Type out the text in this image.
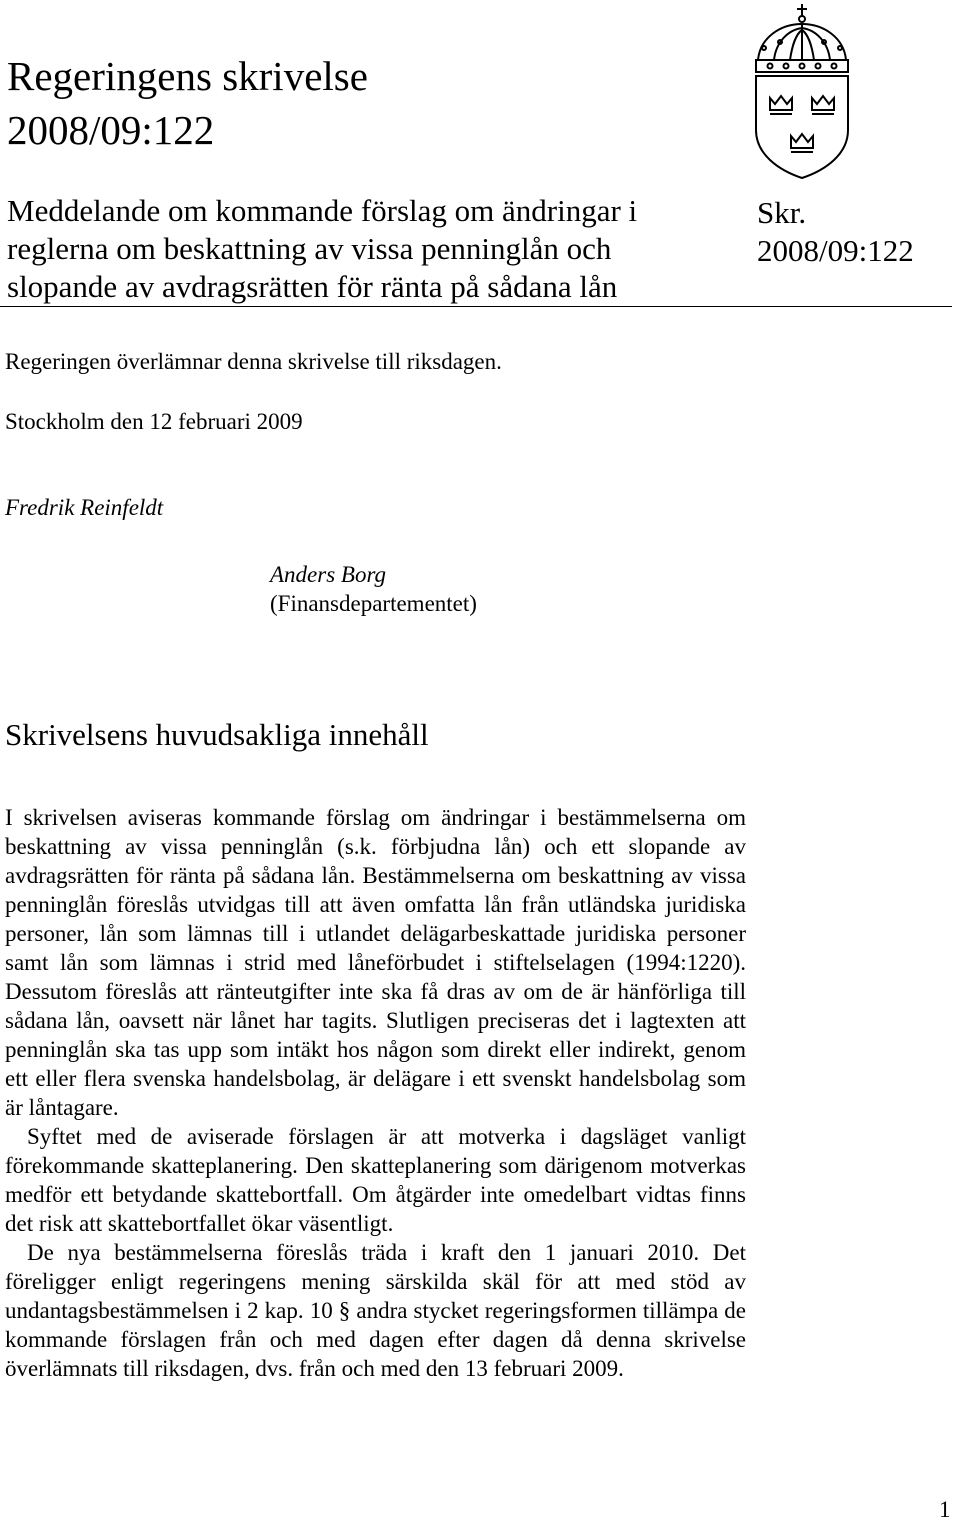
Regeringens skrivelse
2008/09:122
Meddelande om kommande förslag om ändringar i
reglerna om beskattning av vissa penninglån och
slopande av avdragsrätten för ränta på sådana lån
Skr.
2008/09:122
Regeringen överlämnar denna skrivelse till riksdagen.
Stockholm den 12 februari 2009
Fredrik Reinfeldt
Anders Borg
(Finansdepartementet)
Skrivelsens huvudsakliga innehåll

I skrivelsen aviseras kommande förslag om ändringar i bestämmelserna om beskattning av vissa penninglån (s.k. förbjudna lån) och ett slopande av avdragsrätten för ränta på sådana lån. Bestämmelserna om beskattning av vissa penninglån föreslås utvidgas till att även omfatta lån från utländska juridiska personer, lån som lämnas till i utlandet delägarbeskattade juridiska personer samt lån som lämnas i strid med låneförbudet i stiftelselagen (1994:1220). Dessutom föreslås att ränteutgifter inte ska få dras av om de är hänförliga till sådana lån, oavsett när lånet har tagits. Slutligen preciseras det i lagtexten att penninglån ska tas upp som intäkt hos någon som direkt eller indirekt, genom ett eller flera svenska handelsbolag, är delägare i ett svenskt handelsbolag som är låntagare.

Syftet med de aviserade förslagen är att motverka i dagsläget vanligt förekommande skatteplanering. Den skatteplanering som därigenom motverkas medför ett betydande skattebortfall. Om åtgärder inte omedelbart vidtas finns det risk att skattebortfallet ökar väsentligt.

De nya bestämmelserna föreslås träda i kraft den 1 januari 2010. Det föreligger enligt regeringens mening särskilda skäl för att med stöd av undantagsbestämmelsen i 2 kap. 10 § andra stycket regeringsformen tillämpa de kommande förslagen från och med dagen efter dagen då denna skrivelse överlämnats till riksdagen, dvs. från och med den 13 februari 2009.

1
